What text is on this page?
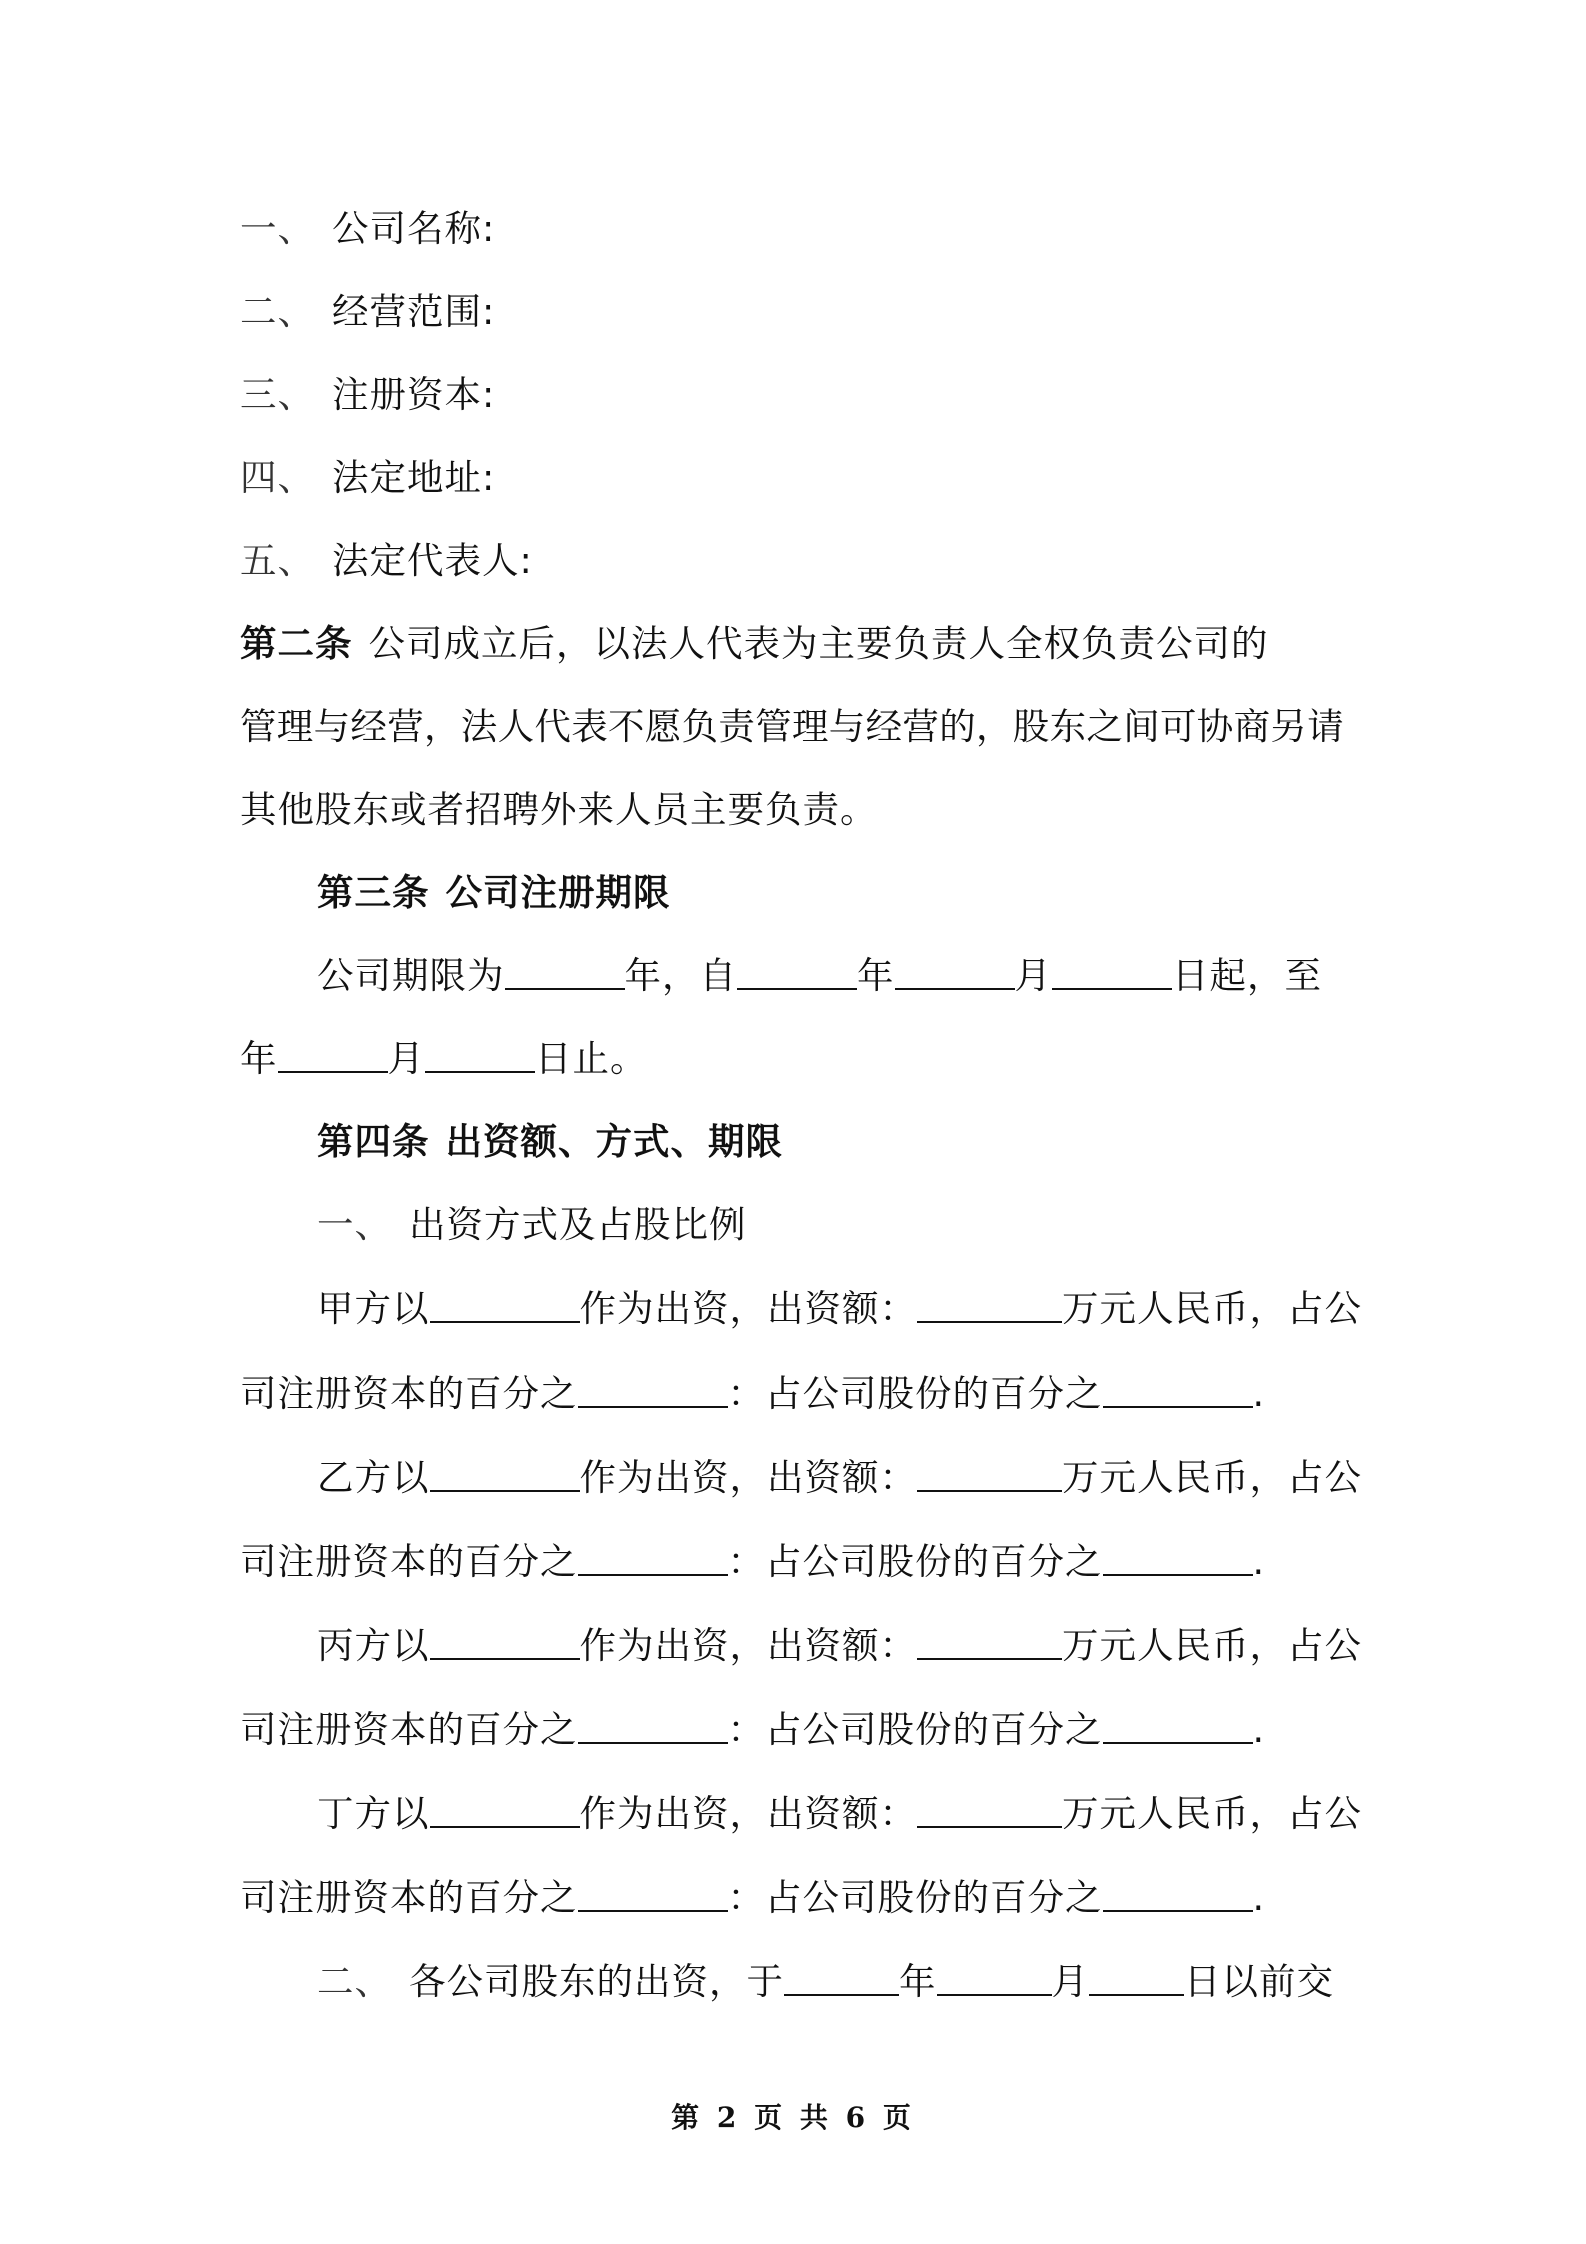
一、 公司名称:
二、 经营范围:
三、 注册资本:
四、 法定地址:
五、 法定代表人:
第二条 公司成立后，以法人代表为主要负责人全权负责公司的
管理与经营，法人代表不愿负责管理与经营的，股东之间可协商另请
其他股东或者招聘外来人员主要负责。
第三条 公司注册期限
公司期限为	年，自	年	月	日起，至
年	月	日止。
第四条 出资额、方式、期限
一、 出资方式及占股比例
甲方以	作为出资，出资额：	万元人民币，占公
司注册资本的百分之	：占公司股份的百分之	.
乙方以	作为出资，出资额：	万元人民币，占公
司注册资本的百分之	：占公司股份的百分之	.
丙方以	作为出资，出资额：	万元人民币，占公
司注册资本的百分之	：占公司股份的百分之	.
丁方以	作为出资，出资额：	万元人民币，占公
司注册资本的百分之	：占公司股份的百分之	.
二、 各公司股东的出资，于	年	月	日以前交
第 2 页 共 6 页
